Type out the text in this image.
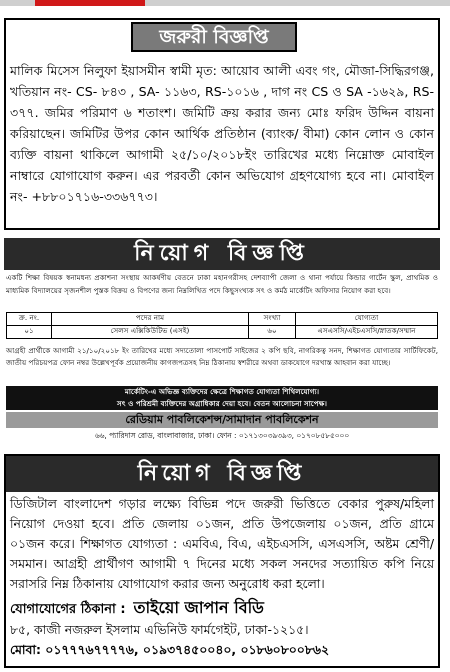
জরুরী বিজ্ঞপ্তি
মালিক মিসেস নিলুফা ইয়াসমীন স্বামী মৃত: আয়োব আলী এবং গং, মৌজা-সিদ্ধিরগঞ্জ, খতিয়ান নং- CS- ৮৪৩ , SA- ১১৬৩, RS-১০১৬ , দাগ নং CS ও SA -১৬২৯, RS- ৩৭৭. জমির পরিমাণ ৬ শতাংশ। জমিটি ক্রয় করার জন্য মোঃ ফরিদ উদ্দিন বায়না করিয়াছেন। জমিটির উপর কোন আর্থিক প্রতিষ্ঠান (ব্যাংক/ বীমা) কোন লোন ও কোন ব্যক্তি বায়না থাকিলে আগামী ২৫/১০/২০১৮ইং তারিখের মধ্যে নিম্নোক্ত মোবাইল নাম্বারে যোগাযোগ করুন। এর পরবর্তী কোন অভিযোগ গ্রহণযোগ্য হবে না। মোবাইল নং- +৮৮০১৭১৬-৩৩৬৭৭৩।
নিয়োগ বিজ্ঞপ্তি
একটি শিক্ষা বিষয়ক স্বনামধন্য প্রকাশনা সংস্থায় আকর্ষণীয় বেতনে ঢাকা মহানগরীসহ দেশব্যাপী জেলা ও থানা পর্যায়ে কিন্ডার গার্টেন স্কুল, প্রাথমিক ও মাধ্যমিক বিদ্যালয়ের সৃজনশীল পুস্তক বিক্রয় ও বিপণের জন্য নিম্নলিখিত পদে কিছুসংখ্যক সৎ ও কর্মঠ মার্কেটিং অফিসার নিয়োগ করা হবে।
ক্র. নং.	পদের নাম	সংখ্যা	যোগ্যতা
০১	সেলস এক্সিকিউটিভ (এসই)	৬০	এসএসসি/এইচএসসি/স্নাতক/সম্মান
আগ্রহী প্রার্থীকে আগামী ২১/১০/২০১৮ ইং তারিখের মধ্যে সদ্যতোলা পাসপোর্ট সাইজের ২ কপি ছবি, নাগরিকত্ব সনদ, শিক্ষাগত যোগ্যতার সার্টিফিকেট, জাতীয় পরিচয়পত্র ফোন নম্বর উল্লেখপূর্বক প্রয়োজনীয় কাগজপত্রসহ নিম্ন ঠিকানায় স্বশরীরে অথবা ডাকযোগে দরখাস্ত আহবান করা যাচ্ছে।
মার্কেটিং-এ অভিজ্ঞ ব্যক্তিদের ক্ষেত্রে শিক্ষাগত যোগ্যতা শিথিলযোগ্য।
সৎ ও পরিশ্রমী ব্যক্তিদের অগ্রাধিকার দেয়া হবে। বেতন আলোচনা সাপেক্ষ।
রেডিয়াম পাবলিকেশন্স/সামাদান পাবলিকেশন
৬৬, প্যারিদাস রোড, বাংলাবাজার, ঢাকা। ফোন : ০১৭১৩০৩৯৩৯৩, ০১৭০৮৫৮৫০০০
নিয়োগ বিজ্ঞপ্তি
ডিজিটাল বাংলাদেশ গড়ার লক্ষ্যে বিভিন্ন পদে জরুরী ভিত্তিতে বেকার পুরুষ/মহিলা নিয়োগ দেওয়া হবে। প্রতি জেলায় ০১জন, প্রতি উপজেলায় ০১জন, প্রতি গ্রামে ০১জন করে। শিক্ষাগত যোগ্যতা : এমবিএ, বিএ, এইচএসসি, এসএসসি, অষ্টম শ্রেণী/ সমমান। আগ্রহী প্রার্থীগণ আগামী ৭ দিনের মধ্যে সকল সনদের সত্যায়িত কপি নিয়ে সরাসরি নিম্ন ঠিকানায় যোগাযোগ করার জন্য অনুরোধ করা হলো।
যোগাযোগের ঠিকানা : তাইয়ো জাপান বিডি
৮৫, কাজী নজরুল ইসলাম এভিনিউ ফার্মগেইট, ঢাকা-১২১৫।
মোবা: ০১৭৭৭৬৭৭৭৭৬, ০১৯৩৭৪৫০০৪০, ০১৮৬০৮০০৮৬২
